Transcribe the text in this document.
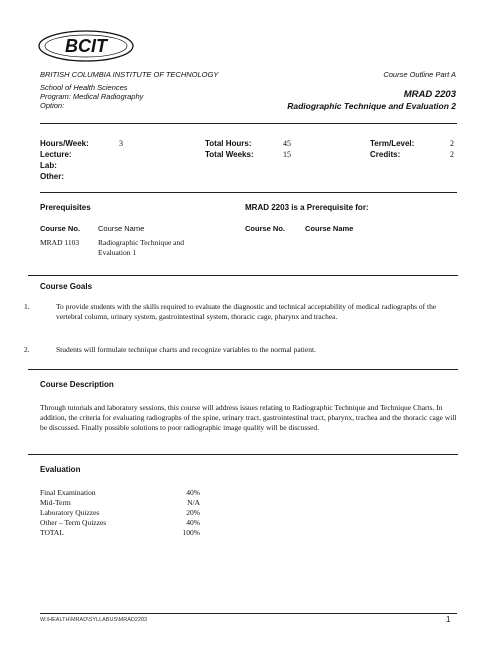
BCIT
BRITISH COLUMBIA INSTITUTE OF TECHNOLOGY	Course Outline Part A
School of Health Sciences
Program: Medical Radiography
Option:
MRAD 2203
Radiographic Technique and Evaluation 2
Hours/Week:	3
Lecture:
Lab:
Other:
Total Hours:	45
Total Weeks:	15
Term/Level:	2
Credits:	2
Prerequisites	MRAD 2203 is a Prerequisite for:
Course No. Course Name	Course No.	Course Name
MRAD 1103	Radiographic Technique and
Evaluation 1
Course Goals
1.	To provide students with the skills required to evaluate the diagnostic and technical acceptability of medical radiographs of the vertebral column, urinary system, gastrointestinal system, thoracic cage, pharynx and trachea.
2.	Students will formulate technique charts and recognize variables to the normal patient.
Course Description
Through tutorials and laboratory sessions, this course will address issues relating to Radiographic Technique and Technique Charts. In addition, the criteria for evaluating radiographs of the spine, urinary tract, gastrointestinal tract, pharynx, trachea and the thoracic cage will be discussed. Finally possible solutions to poor radiographic image quality will be discussed.
Evaluation
Final Examination	40%
Mid-Term	N/A
Laboratory Quizzes	20%
Other – Term Quizzes	40%
TOTAL	100%
W:\HEALTH\MRAD\SYLLABUS\MRAD2203	1
